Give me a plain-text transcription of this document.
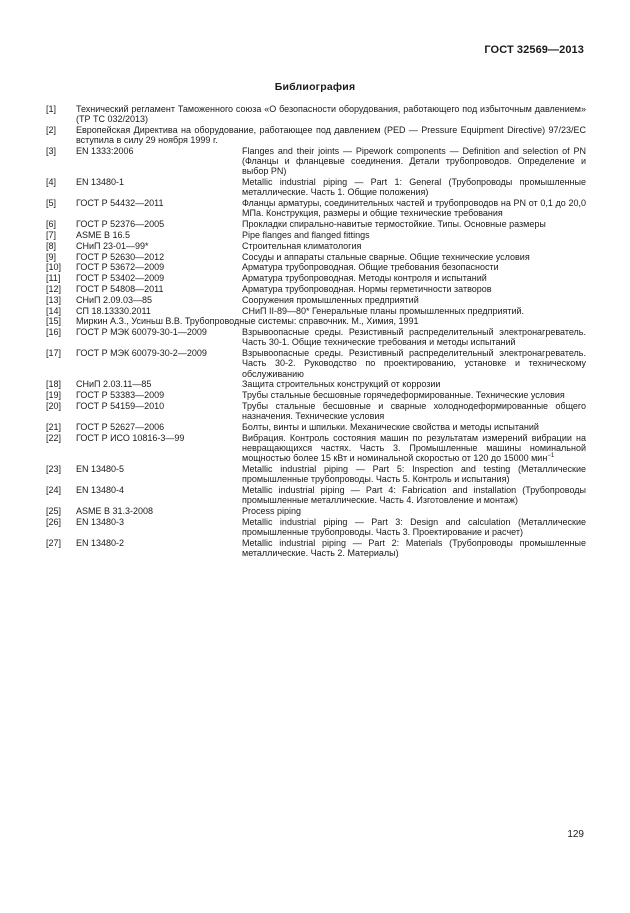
ГОСТ 32569—2013
Библиография
[1] Технический регламент Таможенного союза «О безопасности оборудования, работающего под избыточным давлением» (ТР ТС 032/2013)
[2] Европейская Директива на оборудование, работающее под давлением (PED — Pressure Equipment Directive) 97/23/ЕС вступила в силу 29 ноября 1999 г.
[3] EN 1333:2006	Flanges and their joints — Pipework components — Definition and selection of PN (Фланцы и фланцевые соединения. Детали трубопроводов. Определение и выбор PN)
[4] EN 13480-1	Metallic industrial piping — Part 1: General (Трубопроводы промышленные металлические. Часть 1. Общие положения)
[5] ГОСТ Р 54432—2011	Фланцы арматуры, соединительных частей и трубопроводов на PN от 0,1 до 20,0 МПа. Конструкция, размеры и общие технические требования
[6] ГОСТ Р 52376—2005	Прокладки спирально-навитые термостойкие. Типы. Основные размеры
[7] ASME B 16.5	Pipe flanges and flanged fittings
[8] СНиП 23-01—99*	Строительная климатология
[9] ГОСТ Р 52630—2012	Сосуды и аппараты стальные сварные. Общие технические условия
[10] ГОСТ Р 53672—2009	Арматура трубопроводная. Общие требования безопасности
[11] ГОСТ Р 53402—2009	Арматура трубопроводная. Методы контроля и испытаний
[12] ГОСТ Р 54808—2011	Арматура трубопроводная. Нормы герметичности затворов
[13] СНиП 2.09.03—85	Сооружения промышленных предприятий
[14] СП 18.13330.2011	СНиП II-89—80* Генеральные планы промышленных предприятий.
[15] Миркин А.З., Усиньш В.В. Трубопроводные системы: справочник. М., Химия, 1991
[16] ГОСТ Р МЭК 60079-30-1—2009	Взрывоопасные среды. Резистивный распределительный электронагреватель. Часть 30-1. Общие технические требования и методы испытаний
[17] ГОСТ Р МЭК 60079-30-2—2009	Взрывоопасные среды. Резистивный распределительный электронагреватель. Часть 30-2. Руководство по проектированию, установке и техническому обслуживанию
[18] СНиП 2.03.11—85	Защита строительных конструкций от коррозии
[19] ГОСТ Р 53383—2009	Трубы стальные бесшовные горячедеформированные. Технические условия
[20] ГОСТ Р 54159—2010	Трубы стальные бесшовные и сварные холоднодеформированные общего назначения. Технические условия
[21] ГОСТ Р 52627—2006	Болты, винты и шпильки. Механические свойства и методы испытаний
[22] ГОСТ Р ИСО 10816-3—99	Вибрация. Контроль состояния машин по результатам измерений вибрации на невращающихся частях. Часть 3. Промышленные машины номинальной мощностью более 15 кВт и номинальной скоростью от 120 до 15000 мин$^{-1}$
[23] EN 13480-5	Metallic industrial piping — Part 5: Inspection and testing (Металлические промышленные трубопроводы. Часть 5. Контроль и испытания)
[24] EN 13480-4	Metallic industrial piping — Part 4: Fabrication and installation (Трубопроводы промышленные металлические. Часть 4. Изготовление и монтаж)
[25] ASME B 31.3-2008	Process piping
[26] EN 13480-3	Metallic industrial piping — Part 3: Design and calculation (Металлические промышленные трубопроводы. Часть 3. Проектирование и расчет)
[27] EN 13480-2	Metallic industrial piping — Part 2: Materials (Трубопроводы промышленные металлические. Часть 2. Материалы)
129
